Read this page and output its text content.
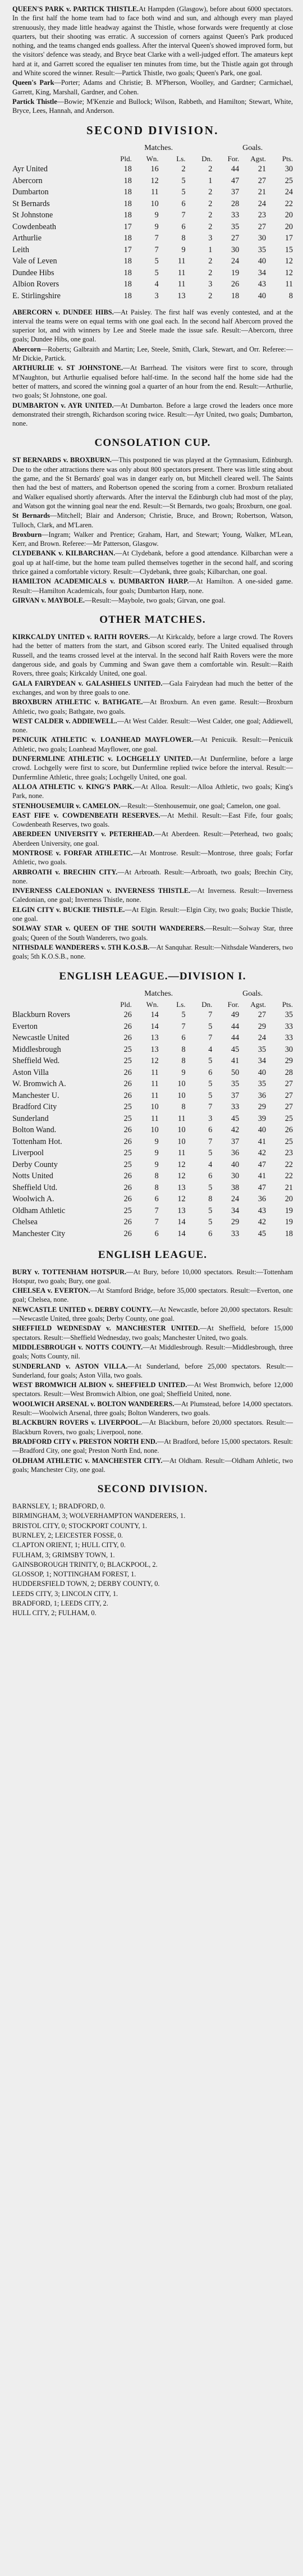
QUEEN'S PARK v. PARTICK THISTLE.At Hampden (Glasgow), before about 6000 spectators. In the first half the home team had to face both wind and sun, and although every man played strenuously, they made little headway against the Thistle, whose forwards were frequently at close quarters, but their shooting was erratic. A succession of corners against Queen's Park produced nothing, and the teams changed ends goalless. After the interval Queen's showed improved form, but the visitors' defence was steady, and Bryce beat Clarke with a well-judged effort. The amateurs kept hard at it, and Garrett scored the equaliser ten minutes from time, but the Thistle again got through and White scored the winner. Result:—Partick Thistle, two goals; Queen's Park, one goal.

Queen's Park—Porter; Adams and Christie; B. M'Pherson, Woolley, and Gardner; Carmichael, Garrett, King, Marshall, Gardner, and Cohen.

Partick Thistle—Bowie; M'Kenzie and Bullock; Wilson, Rabbeth, and Hamilton; Stewart, White, Bryce, Lees, Hannah, and Anderson.

SECOND DIVISION.
	Matches.				Goals.		
	Pld.	Wn.	Ls.	Dn.	For.	Agst.	Pts.
Ayr United	18	16	2	2	44	21	30
Abercorn	18	12	5	1	47	27	25
Dumbarton	18	11	5	2	37	21	24
St Bernards	18	10	6	2	28	24	22
St Johnstone	18	9	7	2	33	23	20
Cowdenbeath	17	9	6	2	35	27	20
Arthurlie	18	7	8	3	27	30	17
Leith	17	7	9	1	30	35	15
Vale of Leven	18	5	11	2	24	40	12
Dundee Hibs	18	5	11	2	19	34	12
Albion Rovers	18	4	11	3	26	43	11
E. Stirlingshire	18	3	13	2	18	40	8

ABERCORN v. DUNDEE HIBS.—At Paisley. The first half was evenly contested, and at the interval the teams were on equal terms with one goal each. In the second half Abercorn proved the superior lot, and with winners by Lee and Steele made the issue safe. Result:—Abercorn, three goals; Dundee Hibs, one goal.

Abercorn—Roberts; Galbraith and Martin; Lee, Steele, Smith, Clark, Stewart, and Orr. Referee:—Mr Dickie, Partick.

ARTHURLIE v. ST JOHNSTONE.—At Barrhead. The visitors were first to score, through M'Naughton, but Arthurlie equalised before half-time. In the second half the home side had the better of matters, and scored the winning goal a quarter of an hour from the end. Result:—Arthurlie, two goals; St Johnstone, one goal.

DUMBARTON v. AYR UNITED.—At Dumbarton. Before a large crowd the leaders once more demonstrated their strength, Richardson scoring twice. Result:—Ayr United, two goals; Dumbarton, none.

CONSOLATION CUP.

ST BERNARDS v. BROXBURN.—This postponed tie was played at the Gymnasium, Edinburgh. Due to the other attractions there was only about 800 spectators present. There was little sting about the game, and the St Bernards' goal was in danger early on, but Mitchell cleared well. The Saints then had the best of matters, and Robertson opened the scoring from a corner. Broxburn retaliated and Walker equalised shortly afterwards. After the interval the Edinburgh club had most of the play, and Watson got the winning goal near the end. Result:—St Bernards, two goals; Broxburn, one goal.

St Bernards—Mitchell; Blair and Anderson; Christie, Bruce, and Brown; Robertson, Watson, Tulloch, Clark, and M'Laren.

Broxburn—Ingram; Walker and Prentice; Graham, Hart, and Stewart; Young, Walker, M'Lean, Kerr, and Brown. Referee:—Mr Patterson, Glasgow.

CLYDEBANK v. KILBARCHAN.—At Clydebank, before a good attendance. Kilbarchan were a goal up at half-time, but the home team pulled themselves together in the second half, and scoring thrice gained a comfortable victory. Result:—Clydebank, three goals; Kilbarchan, one goal.

HAMILTON ACADEMICALS v. DUMBARTON HARP.—At Hamilton. A one-sided game. Result:—Hamilton Academicals, four goals; Dumbarton Harp, none.

GIRVAN v. MAYBOLE.—Result:—Maybole, two goals; Girvan, one goal.

OTHER MATCHES.

KIRKCALDY UNITED v. RAITH ROVERS.—At Kirkcaldy, before a large crowd. The Rovers had the better of matters from the start, and Gibson scored early. The United equalised through Russell, and the teams crossed level at the interval. In the second half Raith Rovers were the more dangerous side, and goals by Cumming and Swan gave them a comfortable win. Result:—Raith Rovers, three goals; Kirkcaldy United, one goal.

GALA FAIRYDEAN v. GALASHIELS UNITED.—Gala Fairydean had much the better of the exchanges, and won by three goals to one.

BROXBURN ATHLETIC v. BATHGATE.—At Broxburn. An even game. Result:—Broxburn Athletic, two goals; Bathgate, two goals.

WEST CALDER v. ADDIEWELL.—At West Calder. Result:—West Calder, one goal; Addiewell, none.

PENICUIK ATHLETIC v. LOANHEAD MAYFLOWER.—At Penicuik. Result:—Penicuik Athletic, two goals; Loanhead Mayflower, one goal.

DUNFERMLINE ATHLETIC v. LOCHGELLY UNITED.—At Dunfermline, before a large crowd. Lochgelly were first to score, but Dunfermline replied twice before the interval. Result:—Dunfermline Athletic, three goals; Lochgelly United, one goal.

ALLOA ATHLETIC v. KING'S PARK.—At Alloa. Result:—Alloa Athletic, two goals; King's Park, none.

STENHOUSEMUIR v. CAMELON.—Result:—Stenhousemuir, one goal; Camelon, one goal.

EAST FIFE v. COWDENBEATH RESERVES.—At Methil. Result:—East Fife, four goals; Cowdenbeath Reserves, two goals.

ABERDEEN UNIVERSITY v. PETERHEAD.—At Aberdeen. Result:—Peterhead, two goals; Aberdeen University, one goal.

MONTROSE v. FORFAR ATHLETIC.—At Montrose. Result:—Montrose, three goals; Forfar Athletic, two goals.

ARBROATH v. BRECHIN CITY.—At Arbroath. Result:—Arbroath, two goals; Brechin City, none.

INVERNESS CALEDONIAN v. INVERNESS THISTLE.—At Inverness. Result:—Inverness Caledonian, one goal; Inverness Thistle, none.

ELGIN CITY v. BUCKIE THISTLE.—At Elgin. Result:—Elgin City, two goals; Buckie Thistle, one goal.

SOLWAY STAR v. QUEEN OF THE SOUTH WANDERERS.—Result:—Solway Star, three goals; Queen of the South Wanderers, two goals.

NITHSDALE WANDERERS v. 5TH K.O.S.B.—At Sanquhar. Result:—Nithsdale Wanderers, two goals; 5th K.O.S.B., none.

ENGLISH LEAGUE.—DIVISION I.
	Matches.				Goals.		
	Pld.	Wn.	Ls.	Dn.	For.	Agst.	Pts.
Blackburn Rovers	26	14	5	7	49	27	35
Everton	26	14	7	5	44	29	33
Newcastle United	26	13	6	7	44	24	33
Middlesbrough	25	13	8	4	45	35	30
Sheffield Wed.	25	12	8	5	41	34	29
Aston Villa	26	11	9	6	50	40	28
W. Bromwich A.	26	11	10	5	35	35	27
Manchester U.	26	11	10	5	37	36	27
Bradford City	25	10	8	7	33	29	27
Sunderland	25	11	11	3	45	39	25
Bolton Wand.	26	10	10	6	42	40	26
Tottenham Hot.	26	9	10	7	37	41	25
Liverpool	25	9	11	5	36	42	23
Derby County	25	9	12	4	40	47	22
Notts United	26	8	12	6	30	41	22
Sheffield Utd.	26	8	13	5	38	47	21
Woolwich A.	26	6	12	8	24	36	20
Oldham Athletic	25	7	13	5	34	43	19
Chelsea	26	7	14	5	29	42	19
Manchester City	26	6	14	6	33	45	18
ENGLISH LEAGUE.

BURY v. TOTTENHAM HOTSPUR.—At Bury, before 10,000 spectators. Result:—Tottenham Hotspur, two goals; Bury, one goal.

CHELSEA v. EVERTON.—At Stamford Bridge, before 35,000 spectators. Result:—Everton, one goal; Chelsea, none.

NEWCASTLE UNITED v. DERBY COUNTY.—At Newcastle, before 20,000 spectators. Result:—Newcastle United, three goals; Derby County, one goal.

SHEFFIELD WEDNESDAY v. MANCHESTER UNITED.—At Sheffield, before 15,000 spectators. Result:—Sheffield Wednesday, two goals; Manchester United, two goals.

MIDDLESBROUGH v. NOTTS COUNTY.—At Middlesbrough. Result:—Middlesbrough, three goals; Notts County, nil.

SUNDERLAND v. ASTON VILLA.—At Sunderland, before 25,000 spectators. Result:—Sunderland, four goals; Aston Villa, two goals.

WEST BROMWICH ALBION v. SHEFFIELD UNITED.—At West Bromwich, before 12,000 spectators. Result:—West Bromwich Albion, one goal; Sheffield United, none.

WOOLWICH ARSENAL v. BOLTON WANDERERS.—At Plumstead, before 14,000 spectators. Result:—Woolwich Arsenal, three goals; Bolton Wanderers, two goals.

BLACKBURN ROVERS v. LIVERPOOL.—At Blackburn, before 20,000 spectators. Result:—Blackburn Rovers, two goals; Liverpool, none.

BRADFORD CITY v. PRESTON NORTH END.—At Bradford, before 15,000 spectators. Result:—Bradford City, one goal; Preston North End, none.

OLDHAM ATHLETIC v. MANCHESTER CITY.—At Oldham. Result:—Oldham Athletic, two goals; Manchester City, one goal.

SECOND DIVISION.

BARNSLEY, 1; BRADFORD, 0.

BIRMINGHAM, 3; WOLVERHAMPTON WANDERERS, 1.

BRISTOL CITY, 0; STOCKPORT COUNTY, 1.

BURNLEY, 2; LEICESTER FOSSE, 0.

CLAPTON ORIENT, 1; HULL CITY, 0.

FULHAM, 3; GRIMSBY TOWN, 1.

GAINSBOROUGH TRINITY, 0; BLACKPOOL, 2.

GLOSSOP, 1; NOTTINGHAM FOREST, 1.

HUDDERSFIELD TOWN, 2; DERBY COUNTY, 0.

LEEDS CITY, 3; LINCOLN CITY, 1.

BRADFORD, 1; LEEDS CITY, 2.

HULL CITY, 2; FULHAM, 0.
